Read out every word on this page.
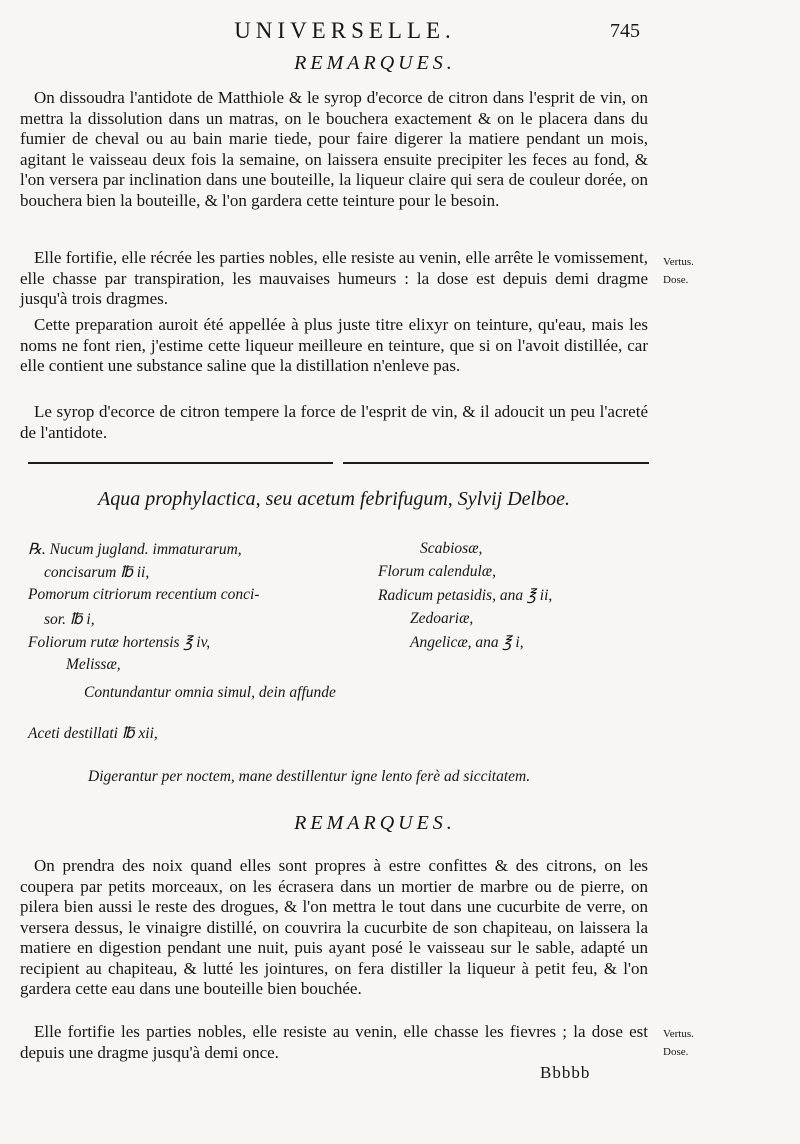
UNIVERSELLE.	745
REMARQUES.

On dissoudra l'antidote de Matthiole & le syrop d'ecorce de citron dans l'esprit de vin, on mettra la dissolution dans un matras, on le bouchera exactement & on le placera dans du fumier de cheval ou au bain marie tiede, pour faire digerer la matiere pendant un mois, agitant le vaisseau deux fois la semaine, on laissera ensuite precipiter les feces au fond, & l'on versera par inclination dans une bouteille, la liqueur claire qui sera de couleur dorée, on bouchera bien la bouteille, & l'on gardera cette teinture pour le besoin.

Elle fortifie, elle récrée les parties nobles, elle resiste au venin, elle arrête le vomissement, elle chasse par transpiration, les mauvaises humeurs : la dose est depuis demi dragme jusqu'à trois dragmes.

Cette preparation auroit été appellée à plus juste titre elixyr on teinture, qu'eau, mais les noms ne font rien, j'estime cette liqueur meilleure en teinture, que si on l'avoit distillée, car elle contient une substance saline que la distillation n'enleve pas.

Le syrop d'ecorce de citron tempere la force de l'esprit de vin, & il adoucit un peu l'acreté de l'antidote.

Vertus.
Dose.
Aqua prophylactica, seu acetum febrifugum, Sylvij Delboe.
℞. Nucum jugland. immaturarum,
concisarum ℔ ii,
Pomorum citriorum recentium conci-
sor. ℔ i,
Foliorum rutæ hortensis ℥ iv,
Melissæ,
Scabiosæ,
Florum calendulæ,
Radicum petasidis, ana ℥ ii,
Zedoariæ,
Angelicæ, ana ℥ i,
Contundantur omnia simul, dein affunde
Aceti destillati ℔ xii,
Digerantur per noctem, mane destillentur igne lento ferè ad siccitatem.
REMARQUES.

On prendra des noix quand elles sont propres à estre confittes & des citrons, on les coupera par petits morceaux, on les écrasera dans un mortier de marbre ou de pierre, on pilera bien aussi le reste des drogues, & l'on mettra le tout dans une cucurbite de verre, on versera dessus, le vinaigre distillé, on couvrira la cucurbite de son chapiteau, on laissera la matiere en digestion pendant une nuit, puis ayant posé le vaisseau sur le sable, adapté un recipient au chapiteau, & lutté les jointures, on fera distiller la liqueur à petit feu, & l'on gardera cette eau dans une bouteille bien bouchée.

Elle fortifie les parties nobles, elle resiste au venin, elle chasse les fievres ; la dose est depuis une dragme jusqu'à demi once.

Vertus.
Dose.
Bbbbb
